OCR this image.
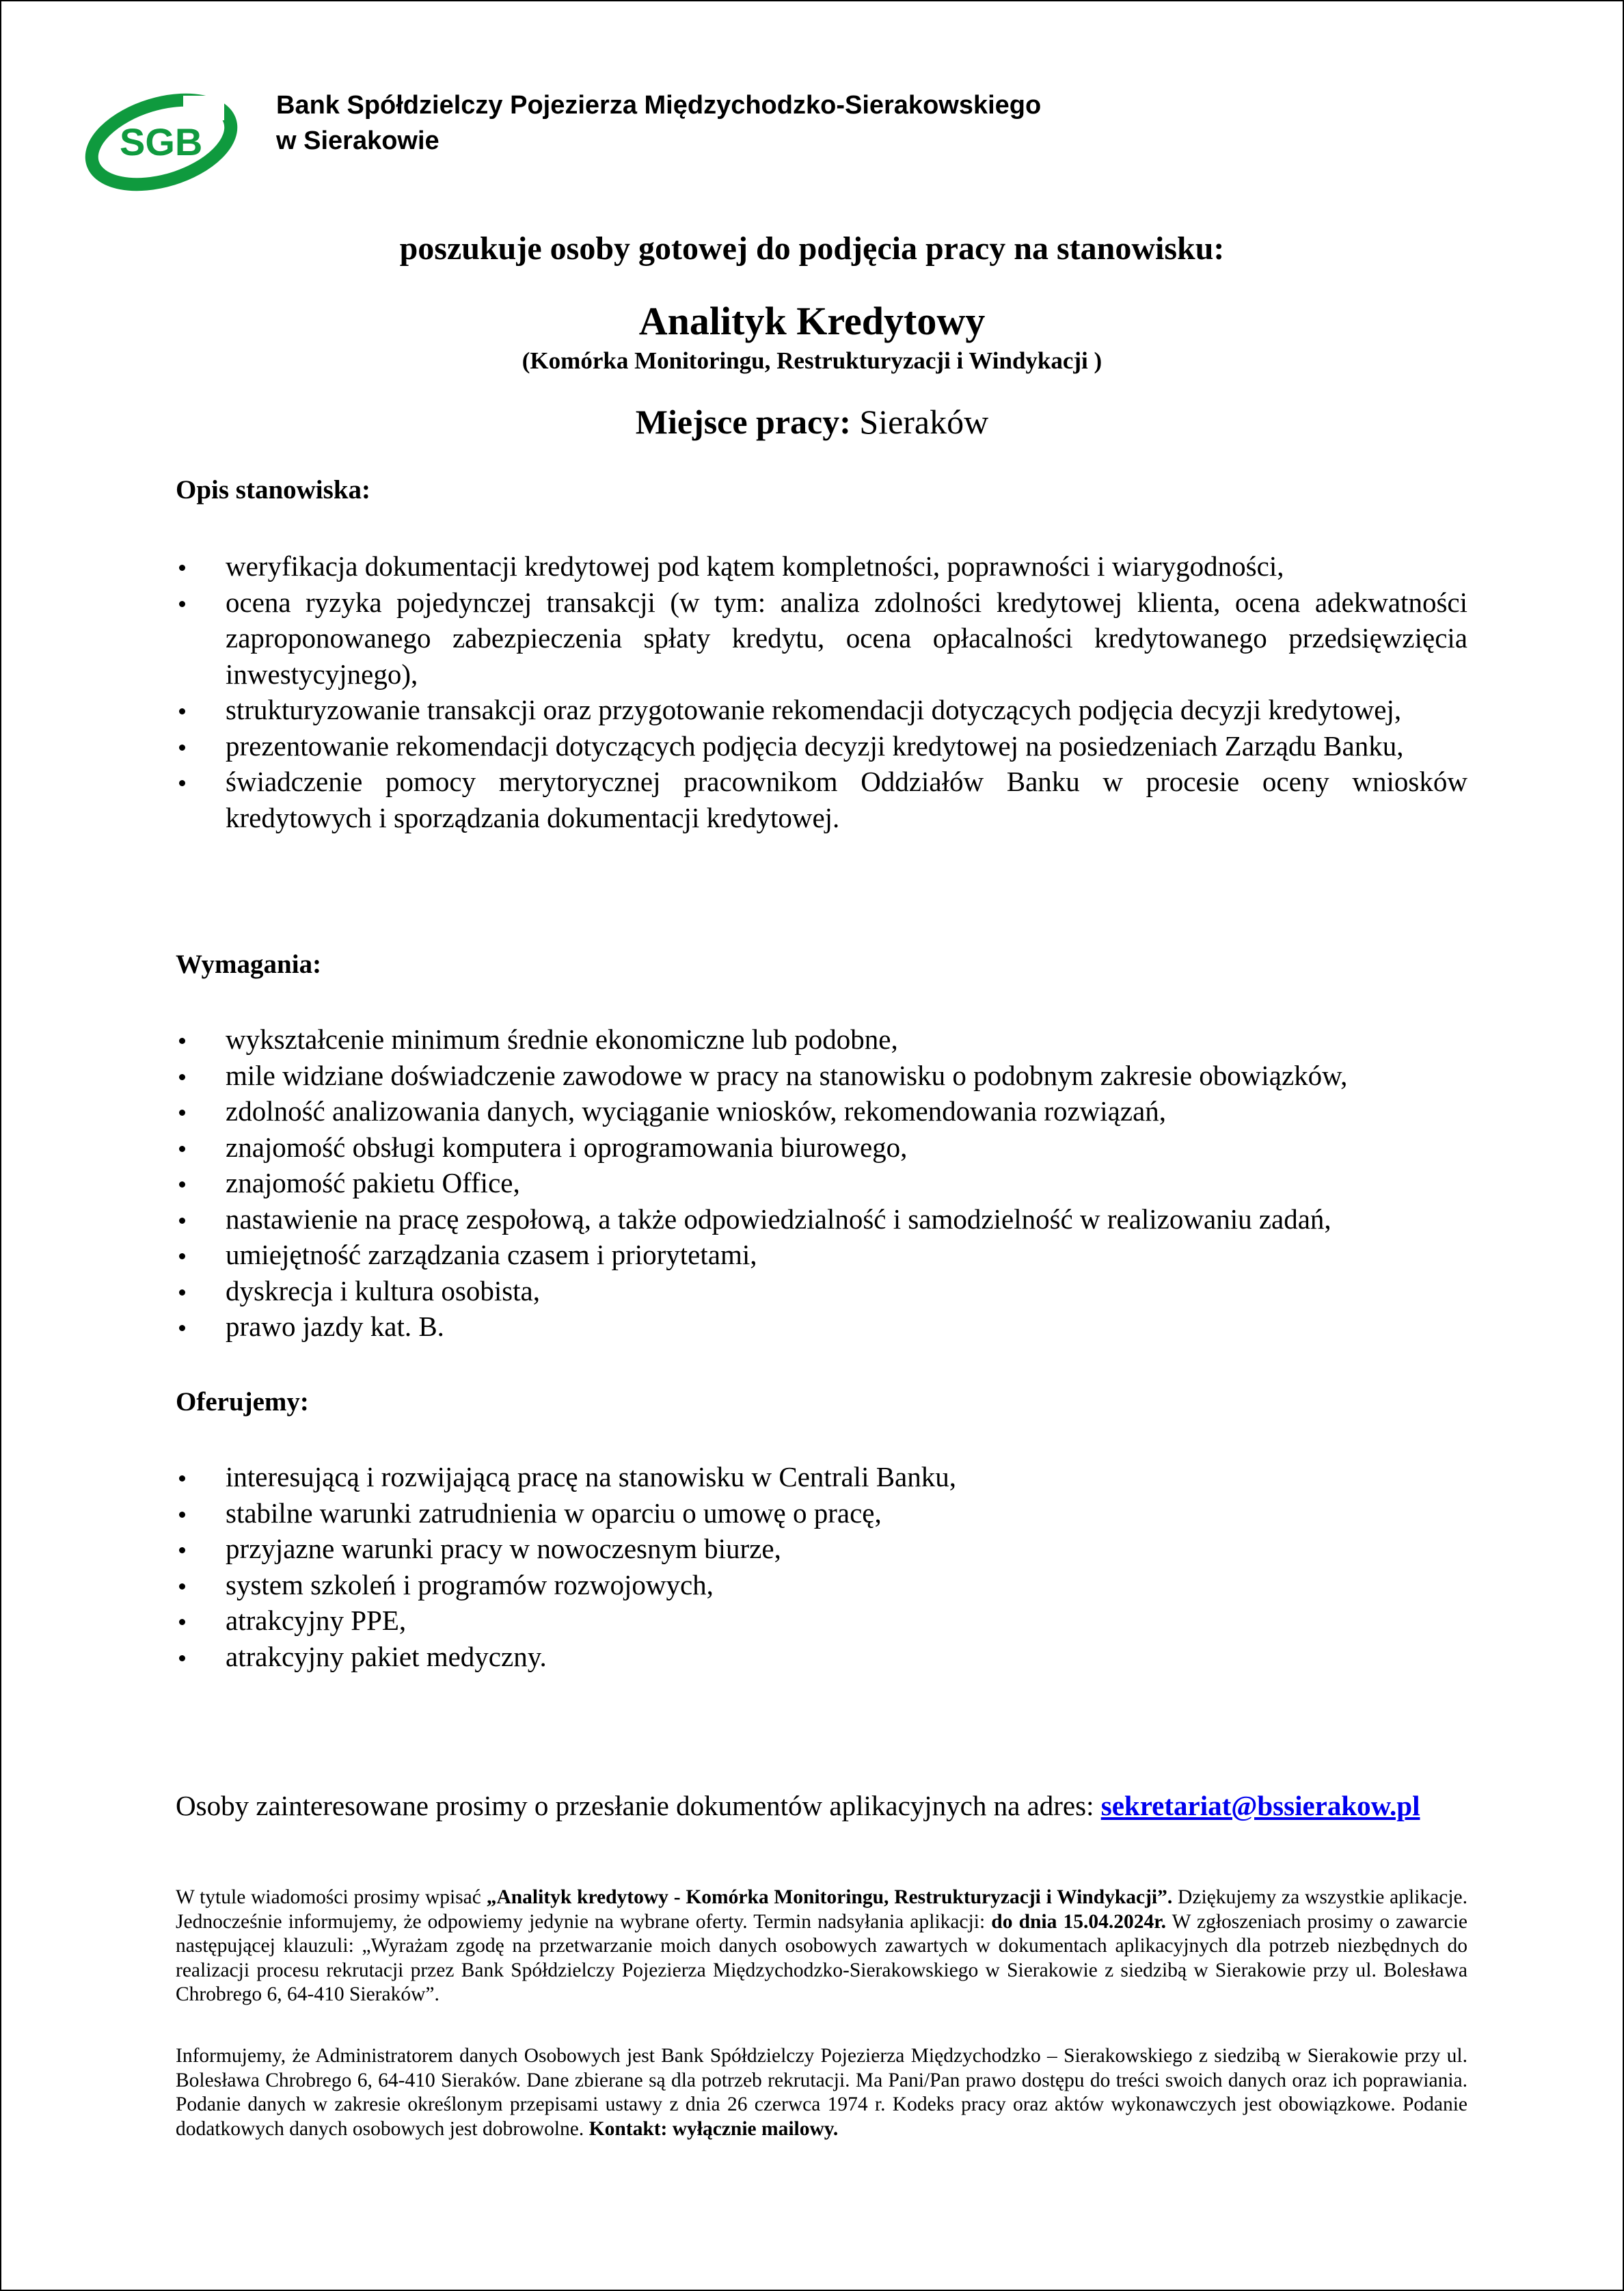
SGB
Bank Spółdzielczy Pojezierza Międzychodzko-Sierakowskiego
w Sierakowie
poszukuje osoby gotowej do podjęcia pracy na stanowisku:
Analityk Kredytowy
(Komórka Monitoringu, Restrukturyzacji i Windykacji )
Miejsce pracy: Sieraków
Opis stanowiska:
weryfikacja dokumentacji kredytowej pod kątem kompletności, poprawności i wiarygodności,
ocena ryzyka pojedynczej transakcji (w tym: analiza zdolności kredytowej klienta, ocena adekwatności zaproponowanego zabezpieczenia spłaty kredytu, ocena opłacalności kredytowanego przedsięwzięcia inwestycyjnego),
strukturyzowanie transakcji oraz przygotowanie rekomendacji dotyczących podjęcia decyzji kredytowej,
prezentowanie rekomendacji dotyczących podjęcia decyzji kredytowej na posiedzeniach Zarządu Banku,
świadczenie pomocy merytorycznej pracownikom Oddziałów Banku w procesie oceny wniosków kredytowych i sporządzania dokumentacji kredytowej.
Wymagania:
wykształcenie minimum średnie ekonomiczne lub podobne,
mile widziane doświadczenie zawodowe w pracy na stanowisku o podobnym zakresie obowiązków,
zdolność analizowania danych, wyciąganie wniosków, rekomendowania rozwiązań,
znajomość obsługi komputera i oprogramowania biurowego,
znajomość pakietu Office,
nastawienie na pracę zespołową, a także odpowiedzialność i samodzielność w realizowaniu zadań,
umiejętność zarządzania czasem i priorytetami,
dyskrecja i kultura osobista,
prawo jazdy kat. B.
Oferujemy:
interesującą i rozwijającą pracę na stanowisku w Centrali Banku,
stabilne warunki zatrudnienia w oparciu o umowę o pracę,
przyjazne warunki pracy w nowoczesnym biurze,
system szkoleń i programów rozwojowych,
atrakcyjny PPE,
atrakcyjny pakiet medyczny.
Osoby zainteresowane prosimy o przesłanie dokumentów aplikacyjnych na adres: sekretariat@bssierakow.pl
W tytule wiadomości prosimy wpisać „Analityk kredytowy - Komórka Monitoringu, Restrukturyzacji i Windykacji”. Dziękujemy za wszystkie aplikacje. Jednocześnie informujemy, że odpowiemy jedynie na wybrane oferty. Termin nadsyłania aplikacji: do dnia 15.04.2024r. W zgłoszeniach prosimy o zawarcie następującej klauzuli: „Wyrażam zgodę na przetwarzanie moich danych osobowych zawartych w dokumentach aplikacyjnych dla potrzeb niezbędnych do realizacji procesu rekrutacji przez Bank Spółdzielczy Pojezierza Międzychodzko-Sierakowskiego w Sierakowie z siedzibą w Sierakowie przy ul. Bolesława Chrobrego 6, 64-410 Sieraków”.
Informujemy, że Administratorem danych Osobowych jest Bank Spółdzielczy Pojezierza Międzychodzko – Sierakowskiego z siedzibą w Sierakowie przy ul. Bolesława Chrobrego 6, 64-410 Sieraków. Dane zbierane są dla potrzeb rekrutacji. Ma Pani/Pan prawo dostępu do treści swoich danych oraz ich poprawiania. Podanie danych w zakresie określonym przepisami ustawy z dnia 26 czerwca 1974 r. Kodeks pracy oraz aktów wykonawczych jest obowiązkowe. Podanie dodatkowych danych osobowych jest dobrowolne. Kontakt: wyłącznie mailowy.
